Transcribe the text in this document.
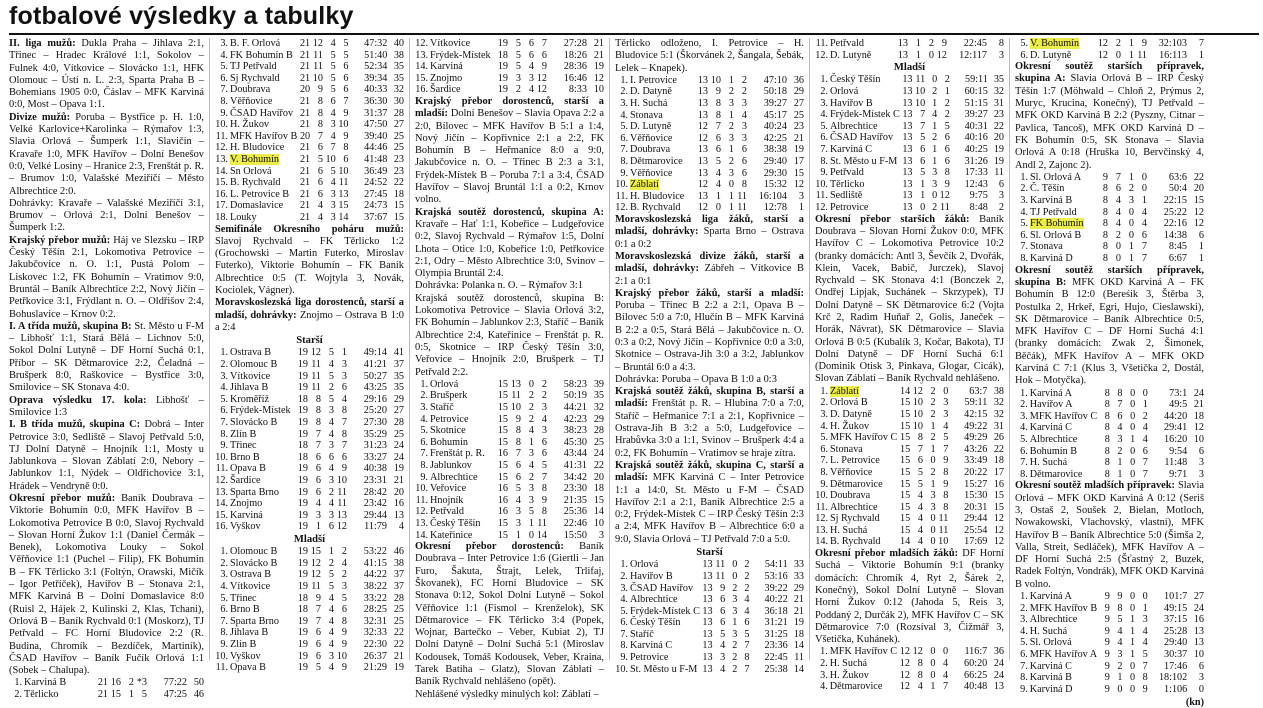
fotbalové výsledky a tabulky

II. liga mužů: Dukla Praha – Jihlava 2:1, Třinec – Hradec Králové 1:1, Sokolov – Fulnek 4:0, Vítkovice – Slovácko 1:1, HFK Olomouc – Ústí n. L. 2:3, Sparta Praha B – Bohemians 1905 0:0, Čáslav – MFK Karviná 0:0, Most – Opava 1:1.

Divize mužů: Poruba – Bystřice p. H. 1:0, Velké Karlovice+Karolinka – Rýmařov 1:3, Slavia Orlová – Šumperk 1:1, Slavičín – Kravaře 1:0, MFK Havířov – Dolní Benešov 0:0, Velké Losiny – Hranice 2:3, Frenštát p. R. – Brumov 1:0, Valašské Meziříčí – Město Albrechtice 2:0.

Dohrávky: Kravaře – Valašské Meziříčí 3:1, Brumov – Orlová 2:1, Dolní Benešov – Šumperk 1:2.

Krajský přebor mužů: Háj ve Slezsku – IRP Český Těšín 2:1, Lokomotiva Petrovice – Jakubčovice n. O. 1:1, Pustá Polom – Liskovec 1:2, FK Bohumín – Vratimov 9:0, Bruntál – Baník Albrechtice 2:2, Nový Jičín – Petřkovice 3:1, Frýdlant n. O. – Oldřišov 2:4, Bohuslavice – Krnov 0:2.

I. A třída mužů, skupina B: St. Město u F-M – Libhošť 1:1, Stará Bělá – Lichnov 5:0, Sokol Dolní Lutyně – DF Horní Suchá 0:1, Příbor – SK Dětmarovice 2:2, Čeladná – Brušperk 8:0, Raškovice – Bystřice 3:0, Smilovice – SK Stonava 4:0.

Oprava výsledku 17. kola: Libhošť – Smilovice 1:3

I. B třída mužů, skupina C: Dobrá – Inter Petrovice 3:0, Sedliště – Slavoj Petřvald 5:0, TJ Dolní Datyně – Hnojník 1:1, Mosty u Jablunkova – Slovan Záblatí 2:0, Nebory – Jablunkov 1:1, Nýdek – Oldřichovice 3:1, Hrádek – Vendryně 0:0.

Okresní přebor mužů: Baník Doubrava – Viktorie Bohumín 0:0, MFK Havířov B – Lokomotiva Petrovice B 0:0, Slavoj Rychvald – Slovan Horní Žukov 1:1 (Daniel Čermák – Benek), Lokomotiva Louky – Sokol Věřňovice 1:1 (Puchel – Filip), FK Bohumín B – FK Těrlicko 3:1 (Foltýn, Orawski, Mičík – Igor Petříček), Havířov B – Stonava 2:1, MFK Karviná B – Dolní Domaslavice 8:0 (Ruisl 2, Hájek 2, Kulinski 2, Klas, Tchani), Orlová B – Baník Rychvald 0:1 (Moskorz), TJ Petřvald – FC Horní Bludovice 2:2 (R. Budina, Chromík – Bezdíček, Martiník), ČSAD Havířov – Baník Fučík Orlová 1:1 (Sobek – Chalupa).

1.	Karviná B	21	16	2	*3	77:22	50
2.	Těrlicko	21	15	1	5	47:25	46
3.	B. F. Orlová	21	12	4	5	47:32	40
4.	FK Bohumín B	21	11	5	5	51:40	38
5.	TJ Petřvald	21	11	5	6	52:34	35
6.	Sj Rychvald	21	10	5	6	39:34	35
7.	Doubrava	20	9	5	6	40:33	32
8.	Věřňovice	21	8	6	7	36:30	30
9.	ČSAD Havířov	21	8	4	9	31:37	28
10.	H. Žukov	21	8	3	10	47:50	27
11.	MFK Havířov B	20	7	4	9	39:40	25
12.	H. Bludovice	21	6	7	8	44:46	25
13.	V. Bohumín	21	5	10	6	41:48	23
14.	Sn Orlová	21	6	5	10	36:49	23
15.	B. Rychvald	21	6	4	11	24:52	22
16.	L. Petrovice B	21	6	3	13	27:45	18
17.	Domaslavice	21	4	3	15	24:73	15
18.	Louky	21	4	3	14	37:67	15

Semifinále Okresního poháru mužů: Slavoj Rychvald – FK Těrlicko 1:2 (Grochowski – Martin Futerko, Miroslav Futerko), Viktorie Bohumín – FK Baník Albrechtice 0:5 (T. Wojtyla 3, Novák, Kociolek, Vágner).

Moravskoslezská liga dorostenců, starší a mladší, dohrávky: Znojmo – Ostrava B 1:0 a 2:4

Starší
1.	Ostrava B	19	12	5	1	49:14	41
2.	Olomouc B	19	11	4	3	41:21	37
3.	Vítkovice	19	11	5	3	50:27	35
4.	Jihlava B	19	11	2	6	43:25	35
5.	Kroměříž	18	8	5	4	29:16	29
6.	Frýdek-Místek	19	8	3	8	25:20	27
7.	Slovácko B	19	8	4	7	27:30	28
8.	Zlín B	19	7	4	8	35:29	25
9.	Třinec	18	7	3	7	31:23	24
10.	Brno B	18	6	6	6	33:27	24
11.	Opava B	19	6	4	9	40:38	19
12.	Šardice	19	6	3	10	23:31	21
13.	Sparta Brno	19	6	2	11	28:42	20
14.	Znojmo	19	4	4	11	23:42	16
15.	Karviná	19	3	3	13	29:44	13
16.	Vyškov	19	1	6	12	11:79	4
Mladší
1.	Olomouc B	19	15	1	2	53:22	46
2.	Slovácko B	19	12	2	4	41:15	38
3.	Ostrava B	19	12	5	2	44:22	37
4.	Vítkovice	19	11	5	3	38:22	37
5.	Třinec	18	9	4	5	33:22	28
6.	Brno B	18	7	4	6	28:25	25
7.	Sparta Brno	19	7	4	8	32:31	25
8.	Jihlava B	19	6	4	9	32:33	22
9.	Zlín B	19	6	4	9	22:30	22
10.	Vyškov	19	6	3	10	26:37	21
11.	Opava B	19	5	4	9	21:29	19
12.	Vítkovice	19	5	6	7	27:28	21
13.	Frýdek-Místek	18	5	6	6	18:26	21
14.	Karviná	19	5	4	9	28:36	19
15.	Znojmo	19	3	3	12	16:46	12
16.	Šardice	19	2	4	12	8:33	10

Krajský přebor dorostenců, starší a mladší: Dolní Benešov – Slavia Opava 2:2 a 2:0, Bílovec – MFK Havířov B 5:1 a 1:4, Nový Jičín – Kopřivnice 2:1 a 2:2, FK Bohumín B – Heřmanice 8:0 a 9:0, Jakubčovice n. O. – Třinec B 2:3 a 3:1, Frýdek-Místek B – Poruba 7:1 a 3:4, ČSAD Havířov – Slavoj Bruntál 1:1 a 0:2, Krnov volno.

Krajská soutěž dorostenců, skupina A: Kravaře – Hať 1:1, Kobeřice – Ludgeřovice 0:2, Slavoj Rychvald – Rýmařov 1:5, Dolní Lhota – Otice 1:0, Kobeřice 1:0, Petřkovice 2:1, Odry – Město Albrechtice 3:0, Svinov – Olympia Bruntál 2:4.

Dohrávka: Polanka n. O. – Rýmařov 3:1

Krajská soutěž dorostenců, skupina B: Lokomotiva Petrovice – Slavia Orlová 3:2, FK Bohumín – Jablunkov 2:3, Staříč – Baník Albrechtice 2:4, Kateřinice – Frenštát p. R. 0:5, Skotnice – IRP Český Těšín 3:0, Veřovice – Hnojník 2:0, Brušperk – TJ Petřvald 2:2.

1.	Orlová	15	13	0	2	58:23	39
2.	Brušperk	15	11	2	2	50:19	35
3.	Staříč	15	10	2	3	44:21	32
4.	Petrovice	15	9	2	4	42:23	29
5.	Skotnice	15	8	4	3	38:23	28
6.	Bohumín	15	8	1	6	45:30	25
7.	Frenštát p. R.	16	7	3	6	43:44	24
8.	Jablunkov	15	6	4	5	41:31	22
9.	Albrechtice	15	6	2	7	34:42	20
10.	Veřovice	16	5	3	8	23:30	18
11.	Hnojník	16	4	3	9	21:35	15
12.	Petřvald	16	3	5	8	25:36	14
13.	Český Těšín	15	3	1	11	22:46	10
14.	Kateřinice	15	1	0	14	15:50	3

Okresní přebor dorostenců: Baník Doubrava – Inter Petrovice 1:6 (Giertli – Jan Furo, Šakuta, Štrajt, Lelek, Trlifaj, Škovanek), FC Horní Bludovice – SK Stonava 0:12, Sokol Dolní Lutyně – Sokol Věřňovice 1:1 (Fismol – Krenželok), SK Dětmarovice – FK Těrlicko 3:4 (Popek, Wojnar, Bartečko – Veber, Kubiat 2), TJ Dolní Datyně – Dolní Suchá 5:1 (Miroslav Kodousek, Tomáš Kodousek, Veber, Kraina, Tarek Batiha – Glatz), Slovan Záblatí – Baník Rychvald nehlášeno (opět).

Nehlášené výsledky minulých kol: Záblatí –

Těrlicko odloženo, I. Petrovice – H. Bludovice 5:1 (Škorvánek 2, Šangala, Šebák, Lelek – Knapek).

1.	I. Petrovice	13	10	1	2	47:10	36
2.	D. Datyně	13	9	2	2	50:18	29
3.	H. Suchá	13	8	3	3	39:27	27
4.	Stonava	13	8	1	4	45:17	25
5.	D. Lutyně	12	7	2	3	40:24	23
6.	Věřňovice	12	6	3	3	42:25	21
7.	Doubrava	13	6	1	6	38:38	19
8.	Dětmarovice	13	5	2	6	29:40	17
9.	Věřňovice	13	4	3	6	29:30	15
10.	Záblatí	12	4	0	8	15:32	12
11.	H. Bludovice	13	1	1	11	16:104	3
12.	B. Rychvald	12	0	1	11	12:78	1

Moravskoslezská liga žáků, starší a mladší, dohrávky: Sparta Brno – Ostrava 0:1 a 0:2

Moravskoslezská divize žáků, starší a mladší, dohrávky: Zábřeh – Vítkovice B 2:1 a 0:1

Krajský přebor žáků, starší a mladší: Poruba – Třinec B 2:2 a 2:1, Opava B – Bílovec 5:0 a 7:0, Hlučín B – MFK Karviná B 2:2 a 0:5, Stará Bělá – Jakubčovice n. O. 0:3 a 0:2, Nový Jičín – Kopřivnice 0:0 a 3:0, Skotnice – Ostrava-Jih 3:0 a 3:2, Jablunkov – Bruntál 6:0 a 4:3.

Dohrávka: Poruba – Opava B 1:0 a 0:3

Krajská soutěž žáků, skupina B, starší a mladší: Frenštát p. R. – Hlubina 7:0 a 7:0, Staříč – Heřmanice 7:1 a 2:1, Kopřivnice – Ostrava-Jih B 3:2 a 5:0, Ludgeřovice – Hrabůvka 3:0 a 1:1, Svinov – Brušperk 4:4 a 0:2, FK Bohumín – Vratimov se hraje zítra.

Krajská soutěž žáků, skupina C, starší a mladší: MFK Karviná C – Inter Petrovice 1:1 a 14:0, St. Město u F-M – ČSAD Havířov 2:1 a 2:1, Baník Albrechtice 2:5 a 0:2, Frýdek-Místek C – IRP Český Těšín 2:3 a 2:4, MFK Havířov B – Albrechtice 6:0 a 9:0, Slavia Orlová – TJ Petřvald 7:0 a 5:0.

Starší
1.	Orlová	13	11	0	2	54:11	33
2.	Havířov B	13	11	0	2	53:16	33
3.	ČSAD Havířov	13	9	2	2	39:22	29
4.	Albrechtice	13	6	3	4	40:22	21
5.	Frýdek-Místek C	13	6	3	4	36:18	21
6.	Český Těšín	13	6	1	6	31:21	19
7.	Staříč	13	5	3	5	31:25	18
8.	Karviná C	13	4	2	7	23:36	14
9.	Petrovice	13	3	2	8	22:45	11
10.	St. Město u F-M	13	4	2	7	25:38	14
11.	Petřvald	13	1	2	9	22:45	8
12.	D. Lutyně	13	1	0	12	12:117	3
Mladší
1.	Český Těšín	13	11	0	2	59:11	35
2.	Orlová	13	10	2	1	60:15	32
3.	Havířov B	13	10	1	2	51:15	31
4.	Frýdek-Místek C	13	7	4	2	39:27	23
5.	Albrechtice	13	7	1	5	40:31	22
6.	ČSAD Havířov	13	5	2	6	40:16	20
7.	Karviná C	13	6	1	6	40:25	19
8.	St. Město u F-M	13	6	1	6	31:26	19
9.	Petřvald	13	5	3	8	17:33	11
10.	Těrlicko	13	1	3	9	12:43	6
11.	Sedliště	13	1	0	12	9:75	3
12.	Petrovice	13	0	2	11	8:48	2

Okresní přebor starších žáků: Baník Doubrava – Slovan Horní Žukov 0:0, MFK Havířov C – Lokomotiva Petrovice 10:2 (branky domácích: Antl 3, Ševčík 2, Dvořák, Klein, Vacek, Babič, Jurczek), Slavoj Rychvald – SK Stonava 4:1 (Bonczek 2, Ondřej Lipjak, Suchánek – Skrzypek), TJ Dolní Datyně – SK Dětmarovice 6:2 (Vojta Krč 2, Radim Huňař 2, Golis, Janeček – Horák, Návrat), SK Dětmarovice – Slavia Orlová B 0:5 (Kubalík 3, Kočar, Bakota), TJ Dolní Datyně – DF Horní Suchá 6:1 (Dominik Otisk 3, Pinkava, Glogar, Cicák), Slovan Záblatí – Baník Rychvald nehlášeno.

1.	Záblatí	14	12	2	0	63:7	38
2.	Orlová B	15	10	2	3	59:11	32
3.	D. Datyně	15	10	2	3	42:15	32
4.	H. Žukov	15	10	1	4	49:22	31
5.	MFK Havířov C	15	8	2	5	49:29	26
6.	Stonava	15	7	1	7	43:26	22
7.	L. Petrovice	15	6	0	9	33:49	18
8.	Věřňovice	15	5	2	8	20:22	17
9.	Dětmarovice	15	5	1	9	15:27	16
10.	Doubrava	15	4	3	8	15:30	15
11.	Albrechtice	15	4	3	8	20:31	15
12.	Sj Rychvald	15	4	0	11	29:44	12
13.	H. Suchá	15	4	0	11	25:54	12
14.	B. Rychvald	14	4	0	10	17:69	12

Okresní přebor mladších žáků: DF Horní Suchá – Viktorie Bohumín 9:1 (branky domácích: Chromík 4, Ryt 2, Šárek 2, Konečný), Sokol Dolní Lutyně – Slovan Horní Žukov 0:12 (Jahoda 5, Reis 3, Poddaný 2, Durčák 2), MFK Havířov C – SK Dětmarovice 7:0 (Rozsíval 3, Čižmář 3, Všetička, Kuhánek).

1.	MFK Havířov C	12	12	0	0	116:7	36
2.	H. Suchá	12	8	0	4	60:20	24
3.	H. Žukov	12	8	0	4	66:25	24
4.	Dětmarovice	12	4	1	7	40:48	13
5.	V. Bohumín	12	2	1	9	32:103	7
6.	D. Lutyně	12	0	1	11	16:113	1

Okresní soutěž starších přípravek, skupina A: Slavia Orlová B – IRP Český Těšín 1:7 (Möhwald – Chloň 2, Prýmus 2, Muryc, Krucina, Konečný), TJ Petřvald – MFK OKD Karviná B 2:2 (Pyszny, Citnar – Pavlica, Tancoš), MFK OKD Karviná D – FK Bohumín 0:5, SK Stonava – Slavia Orlová A 0:18 (Hruška 10, Bervčinský 4, Andl 2, Zajonc 2).

1.	Sl. Orlová A	9	7	1	0	63:6	22
2.	Č. Těšín	8	6	2	0	50:4	20
3.	Karviná B	8	4	3	1	22:15	15
4.	TJ Petřvald	8	4	0	4	25:22	12
5.	FK Bohumín	8	4	0	4	22:16	12
6.	Sl. Orlová B	8	2	0	6	14:38	6
7.	Stonava	8	0	1	7	8:45	1
8.	Karviná D	8	0	1	7	6:67	1

Okresní soutěž starších přípravek, skupina B: MFK OKD Karviná A – FK Bohumín B 12:0 (Bereśik 3, Štěrba 3, Postulka 2, Hrkeř, Egri, Hujo, Cieslawski), SK Dětmarovice – Baník Albrechtice 0:5, MFK Havířov C – DF Horní Suchá 4:1 (branky domácích: Zwak 2, Šimonek, Běčák), MFK Havířov A – MFK OKD Karviná C 7:1 (Klus 3, Všetička 2, Dostál, Hok – Motyčka).

1.	Karviná A	8	8	0	0	73:1	24
2.	Havířov A	8	7	0	1	49:5	21
3.	MFK Havířov C	8	6	0	2	44:20	18
4.	Karviná C	8	4	0	4	29:41	12
5.	Albrechtice	8	3	1	4	16:20	10
6.	Bohumín B	8	2	0	6	9:54	6
7.	H. Suchá	8	1	0	7	11:48	3
8.	Dětmarovice	8	1	0	7	9:71	3

Okresní soutěž mladších přípravek: Slavia Orlová – MFK OKD Karviná A 0:12 (Seriš 3, Ostaš 2, Soušek 2, Bielan, Motloch, Nowakowski, Vlachovský, vlastní), MFK Havířov B – Baník Albrechtice 5:0 (Šimša 2, Valla, Streit, Sedláček), MFK Havířov A – DF Horní Suchá 2:5 (Šťastný 2, Buzek, Radek Foltýn, Vondrák), MFK OKD Karviná B volno.

1.	Karviná A	9	9	0	0	101:7	27
2.	MFK Havířov B	9	8	0	1	49:15	24
3.	Albrechtice	9	5	1	3	37:15	16
4.	H. Suchá	9	4	1	4	25:28	13
5.	Sl. Orlová	9	4	1	4	29:40	13
6.	MFK Havířov A	9	3	1	5	30:37	10
7.	Karviná C	9	2	0	7	17:46	6
8.	Karviná B	9	1	0	8	18:102	3
9.	Karviná D	9	0	0	9	1:106	0
(kn)
